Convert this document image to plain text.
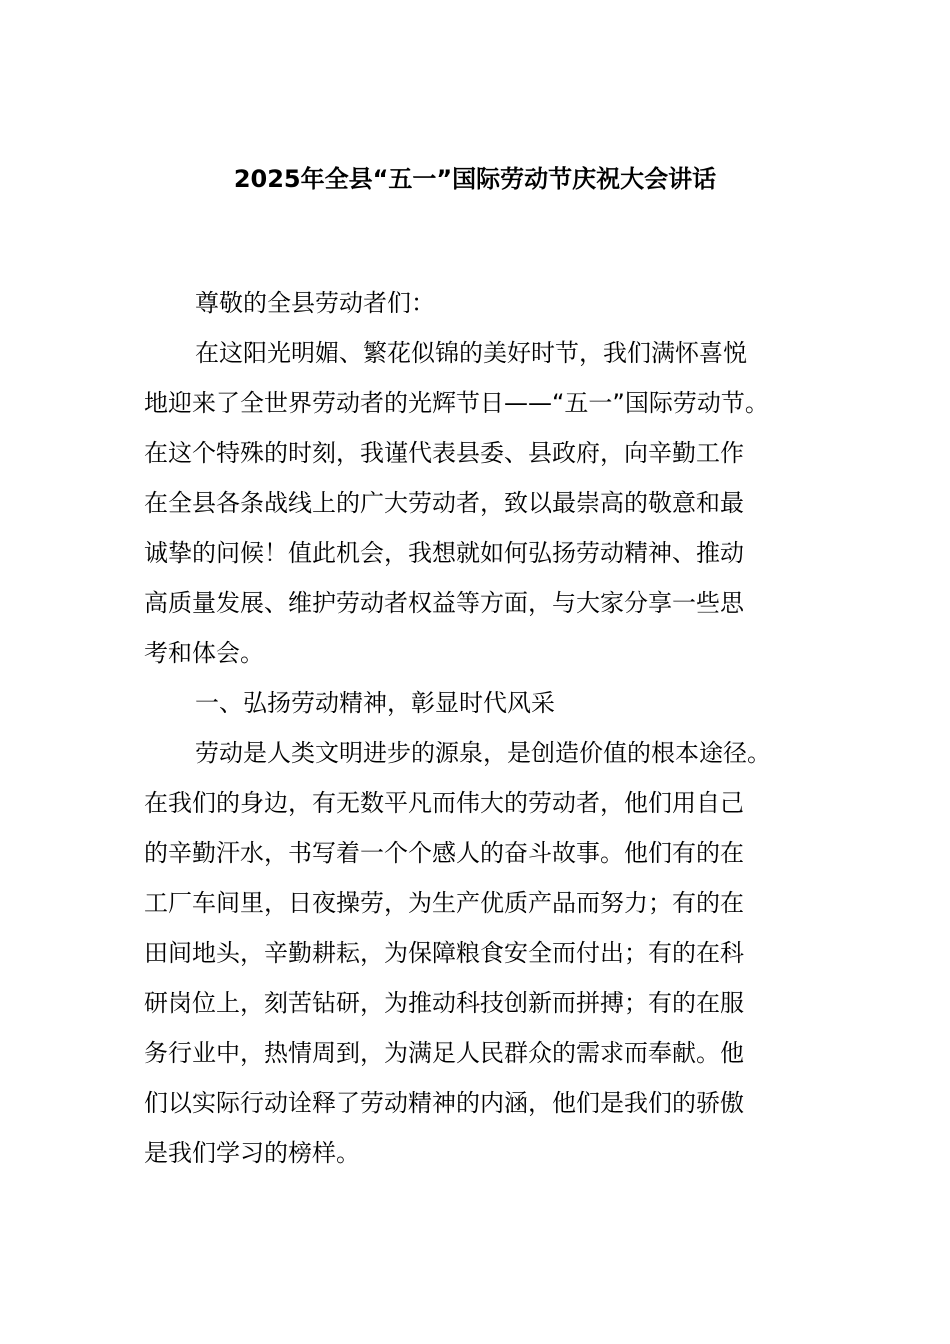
2025年全县“五一”国际劳动节庆祝大会讲话
尊敬的全县劳动者们：
在这阳光明媚、繁花似锦的美好时节，我们满怀喜悦
地迎来了全世界劳动者的光辉节日——“五一”国际劳动节。
在这个特殊的时刻，我谨代表县委、县政府，向辛勤工作
在全县各条战线上的广大劳动者，致以最崇高的敬意和最
诚挚的问候！值此机会，我想就如何弘扬劳动精神、推动
高质量发展、维护劳动者权益等方面，与大家分享一些思
考和体会。
一、弘扬劳动精神，彰显时代风采
劳动是人类文明进步的源泉，是创造价值的根本途径。
在我们的身边，有无数平凡而伟大的劳动者，他们用自己
的辛勤汗水，书写着一个个感人的奋斗故事。他们有的在
工厂车间里，日夜操劳，为生产优质产品而努力；有的在
田间地头，辛勤耕耘，为保障粮食安全而付出；有的在科
研岗位上，刻苦钻研，为推动科技创新而拼搏；有的在服
务行业中，热情周到，为满足人民群众的需求而奉献。他
们以实际行动诠释了劳动精神的内涵，他们是我们的骄傲
是我们学习的榜样。
